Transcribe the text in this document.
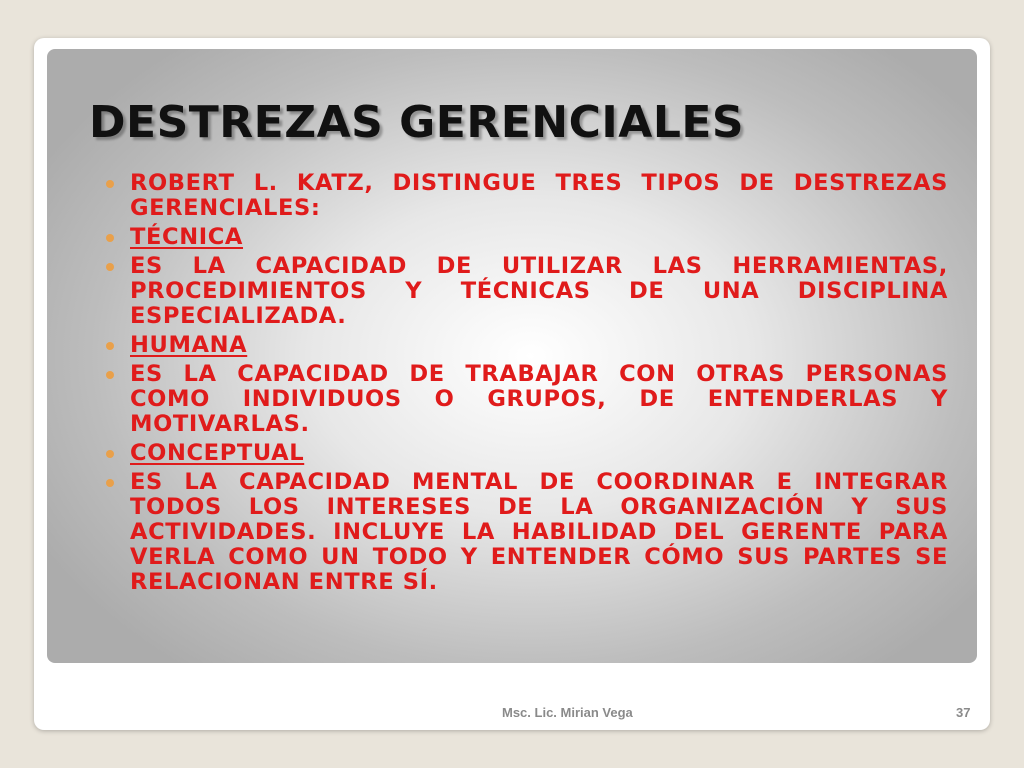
DESTREZAS GERENCIALES
ROBERT L. KATZ, DISTINGUE TRES TIPOS DE DESTREZAS GERENCIALES:
TÉCNICA
ES LA CAPACIDAD DE UTILIZAR LAS HERRAMIENTAS, PROCEDIMIENTOS Y TÉCNICAS DE UNA DISCIPLINA ESPECIALIZADA.
HUMANA
ES LA CAPACIDAD DE TRABAJAR CON OTRAS PERSONAS COMO INDIVIDUOS O GRUPOS, DE ENTENDERLAS Y MOTIVARLAS.
CONCEPTUAL
ES LA CAPACIDAD MENTAL DE COORDINAR E INTEGRAR TODOS LOS INTERESES DE LA ORGANIZACIÓN Y SUS ACTIVIDADES. INCLUYE LA HABILIDAD DEL GERENTE PARA VERLA COMO UN TODO Y ENTENDER CÓMO SUS PARTES SE RELACIONAN ENTRE SÍ.
Msc. Lic. Mirian Vega	37
